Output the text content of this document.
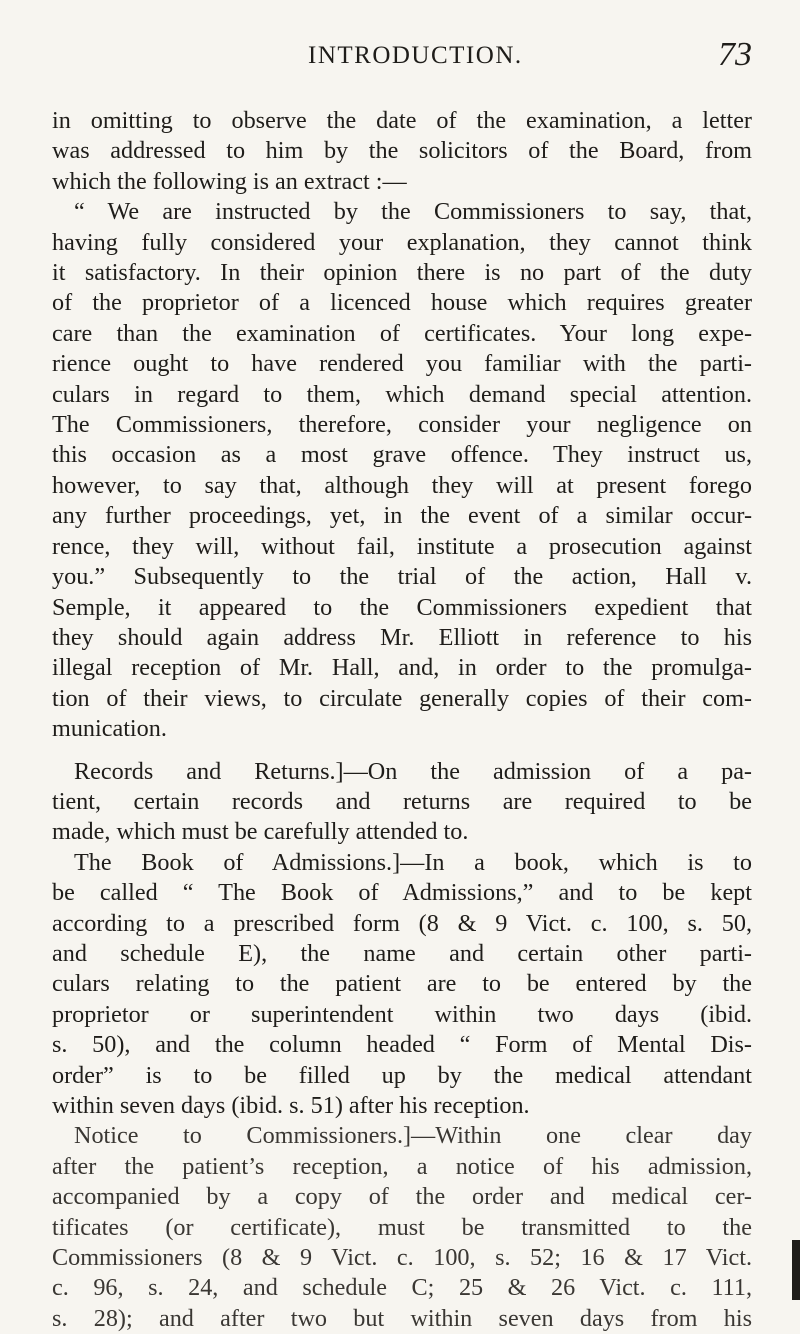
INTRODUCTION.	73
in omitting to observe the date of the examination, a letter
was addressed to him by the solicitors of the Board, from
which the following is an extract :—
“ We are instructed by the Commissioners to say, that,
having fully considered your explanation, they cannot think
it satisfactory. In their opinion there is no part of the duty
of the proprietor of a licenced house which requires greater
care than the examination of certificates. Your long expe-
rience ought to have rendered you familiar with the parti-
culars in regard to them, which demand special attention.
The Commissioners, therefore, consider your negligence on
this occasion as a most grave offence. They instruct us,
however, to say that, although they will at present forego
any further proceedings, yet, in the event of a similar occur-
rence, they will, without fail, institute a prosecution against
you.” Subsequently to the trial of the action, Hall v.
Semple, it appeared to the Commissioners expedient that
they should again address Mr. Elliott in reference to his
illegal reception of Mr. Hall, and, in order to the promulga-
tion of their views, to circulate generally copies of their com-
munication.
Records and Returns.]—On the admission of a pa-
tient, certain records and returns are required to be
made, which must be carefully attended to.
The Book of Admissions.]—In a book, which is to
be called “ The Book of Admissions,” and to be kept
according to a prescribed form (8 & 9 Vict. c. 100, s. 50,
and schedule E), the name and certain other parti-
culars relating to the patient are to be entered by the
proprietor or superintendent within two days (ibid.
s. 50), and the column headed “ Form of Mental Dis-
order” is to be filled up by the medical attendant
within seven days (ibid. s. 51) after his reception.
Notice to Commissioners.]—Within one clear day
after the patient’s reception, a notice of his admission,
accompanied by a copy of the order and medical cer-
tificates (or certificate), must be transmitted to the
Commissioners (8 & 9 Vict. c. 100, s. 52; 16 & 17 Vict.
c. 96, s. 24, and schedule C; 25 & 26 Vict. c. 111,
s. 28); and after two but within seven days from his
